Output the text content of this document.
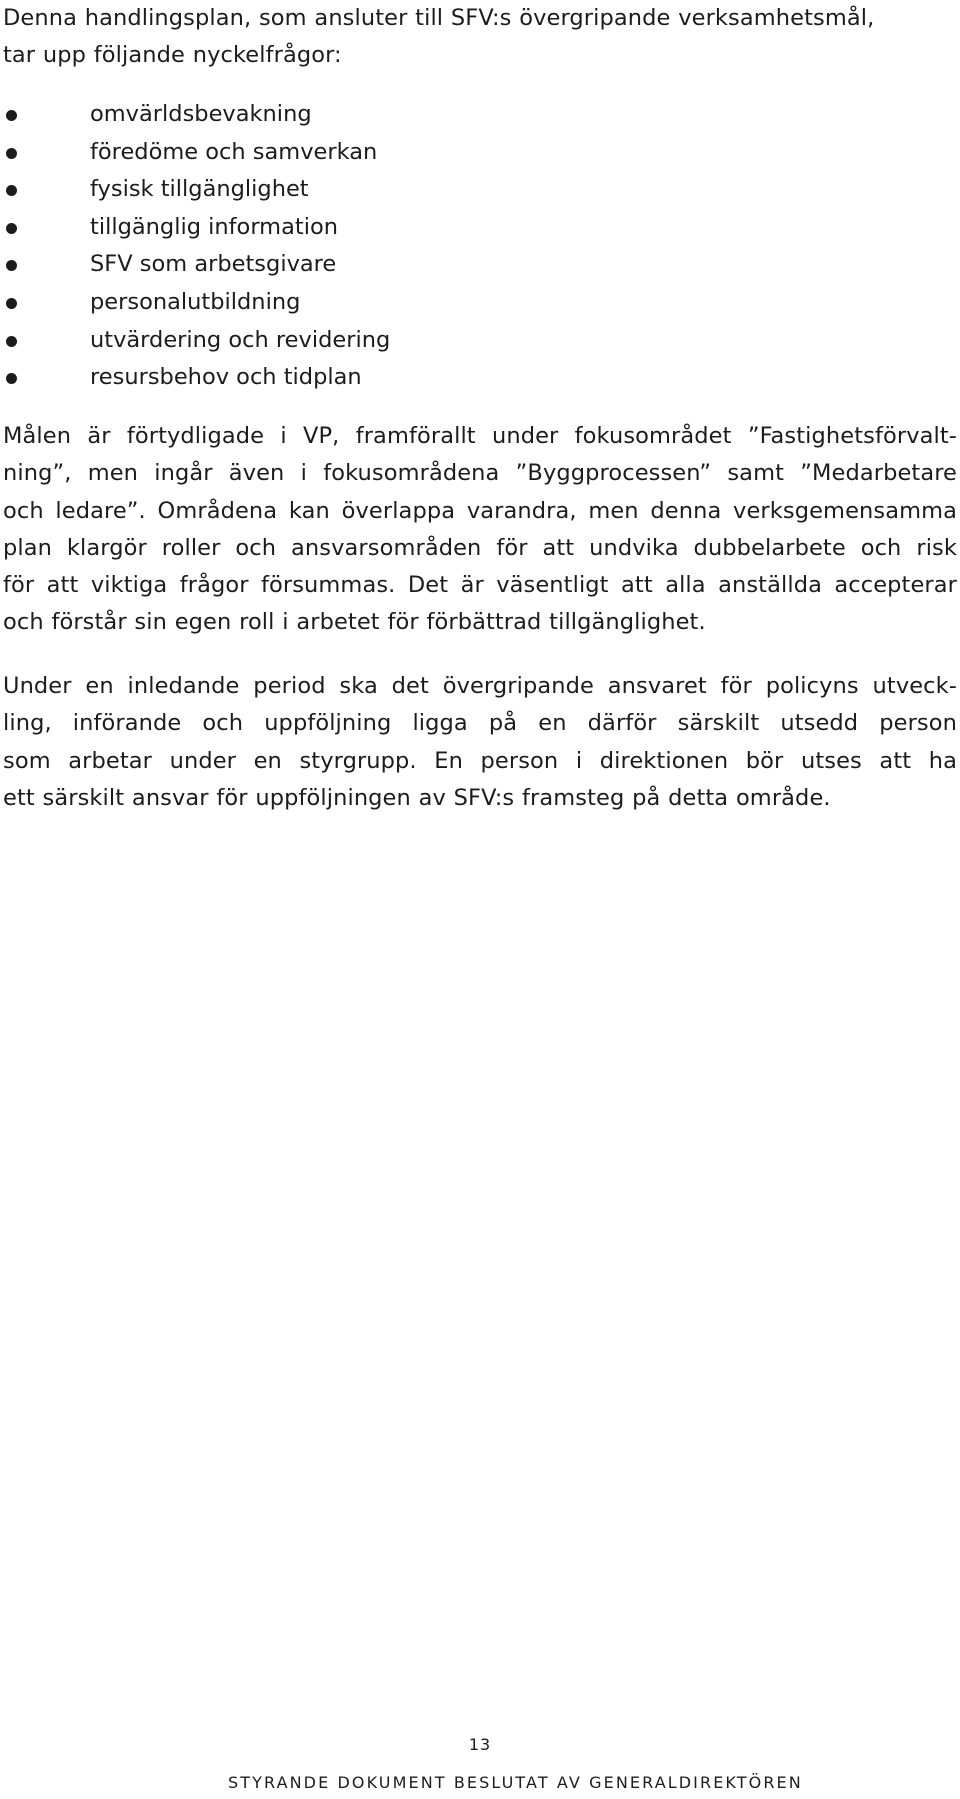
Denna handlingsplan, som ansluter till SFV:s övergripande verksamhetsmål,
tar upp följande nyckelfrågor:
omvärldsbevakning
föredöme och samverkan
fysisk tillgänglighet
tillgänglig information
SFV som arbetsgivare
personalutbildning
utvärdering och revidering
resursbehov och tidplan
Målen är förtydligade i VP, framförallt under fokusområdet ”Fastighetsförvalt-
ning”, men ingår även i fokusområdena ”Byggprocessen” samt ”Medarbetare
och ledare”. Områdena kan överlappa varandra, men denna verksgemensamma
plan klargör roller och ansvarsområden för att undvika dubbelarbete och risk
för att viktiga frågor försummas. Det är väsentligt att alla anställda accepterar
och förstår sin egen roll i arbetet för förbättrad tillgänglighet.
Under en inledande period ska det övergripande ansvaret för policyns utveck-
ling, införande och uppföljning ligga på en därför särskilt utsedd person
som arbetar under en styrgrupp. En person i direktionen bör utses att ha
ett särskilt ansvar för uppföljningen av SFV:s framsteg på detta område.
13
STYRANDE DOKUMENT BESLUTAT AV GENERALDIREKTÖREN
